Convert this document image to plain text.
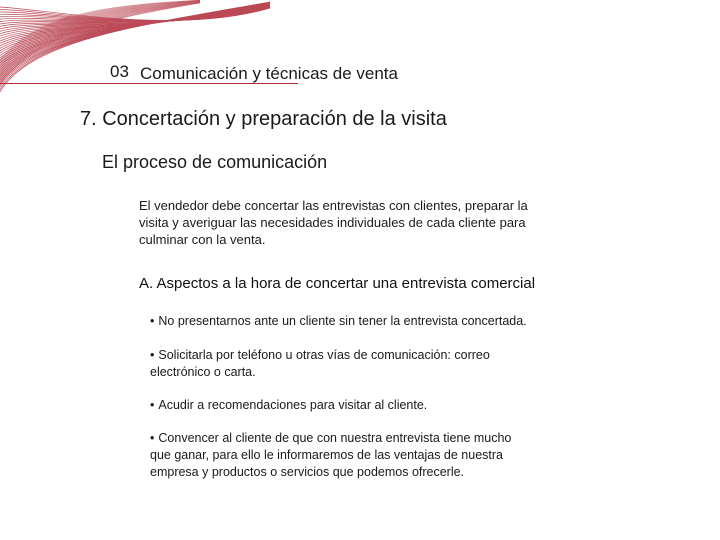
03 Comunicación y técnicas de venta
7. Concertación y preparación de la visita
El proceso de comunicación
El vendedor debe concertar las entrevistas con clientes, preparar la
visita y averiguar las necesidades individuales de cada cliente para
culminar con la venta.
A. Aspectos a la hora de concertar una entrevista comercial
• No presentarnos ante un cliente sin tener la entrevista concertada.
• Solicitarla por teléfono u otras vías de comunicación: correo
electrónico o carta.
• Acudir a recomendaciones para visitar al cliente.
• Convencer al cliente de que con nuestra entrevista tiene mucho
que ganar, para ello le informaremos de las ventajas de nuestra
empresa y productos o servicios que podemos ofrecerle.
